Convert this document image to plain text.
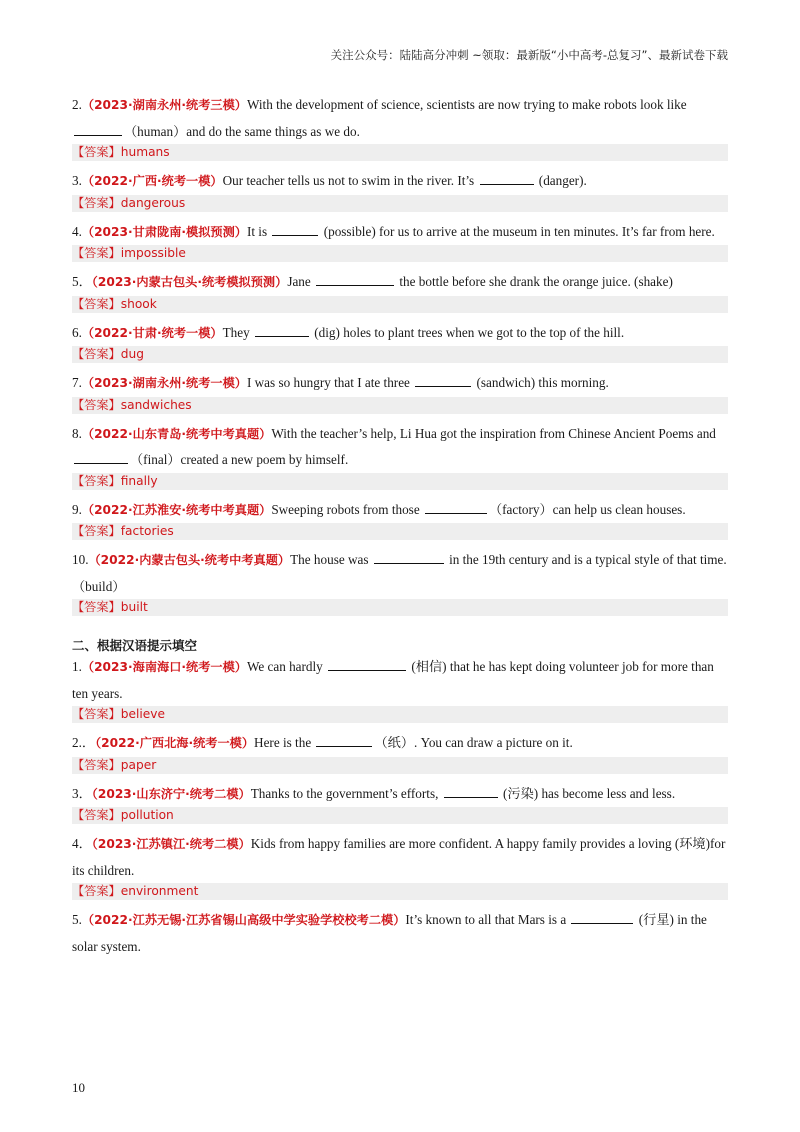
关注公众号：陆陆高分冲刺 ~领取：最新版“小中高考-总复习”、最新试卷下载
2.（2023·湖南永州·统考三模）With the development of science, scientists are now trying to make robots look like （human）and do the same things as we do.
【答案】humans
3.（2022·广西·统考一模）Our teacher tells us not to swim in the river. It’s	(danger).
【答案】dangerous
4.（2023·甘肃陇南·模拟预测）It is	(possible) for us to arrive at the museum in ten minutes. It’s far from here.
【答案】impossible
5．（2023·内蒙古包头·统考模拟预测）Jane	the bottle before she drank the orange juice. (shake)
【答案】shook
6.（2022·甘肃·统考一模）They	(dig) holes to plant trees when we got to the top of the hill.
【答案】dug
7.（2023·湖南永州·统考一模）I was so hungry that I ate three	(sandwich) this morning.
【答案】sandwiches
8.（2022·山东青岛·统考中考真题）With the teacher’s help, Li Hua got the inspiration from Chinese Ancient Poems and （final）created a new poem by himself.
【答案】finally
9.（2022·江苏淮安·统考中考真题）Sweeping robots from those	（factory）can help us clean houses.
【答案】factories
10.（2022·内蒙古包头·统考中考真题）The house was	in the 19th century and is a typical style of that time. （build）
【答案】built
二、根据汉语提示填空
1.（2023·海南海口·统考一模）We can hardly	(相信) that he has kept doing volunteer job for more than ten years.
【答案】believe
2.．（2022·广西北海·统考一模）Here is the	（纸）. You can draw a picture on it.
【答案】paper
3．（2023·山东济宁·统考二模）Thanks to the government’s efforts,	(污染) has become less and less.
【答案】pollution
4．（2023·江苏镇江·统考二模）Kids from happy families are more confident. A happy family provides a loving (环境)for its children.
【答案】environment
5.（2022·江苏无锡·江苏省锡山高级中学实验学校校考二模）It’s known to all that Mars is a	(行星) in the solar system.
10
